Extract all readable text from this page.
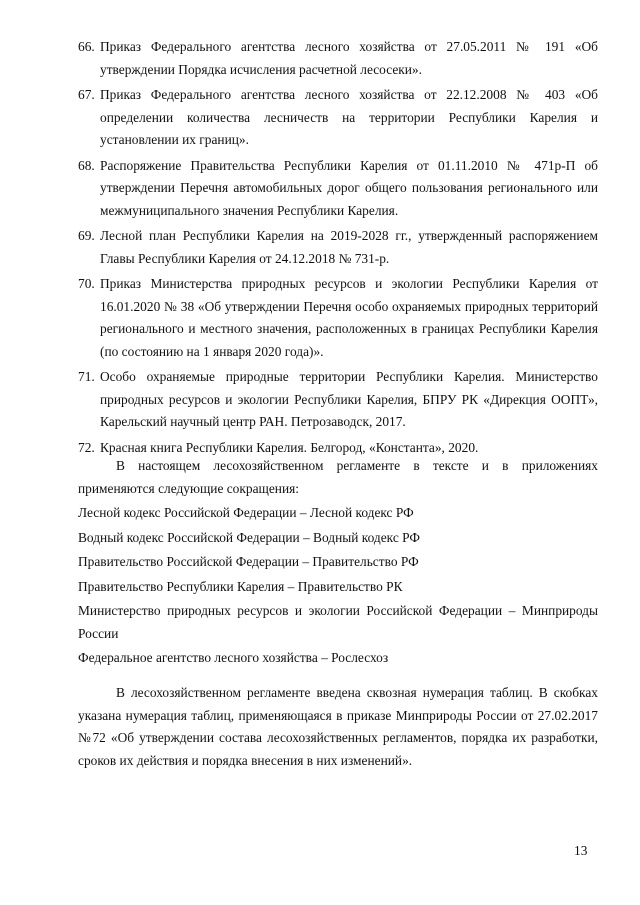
66. Приказ Федерального агентства лесного хозяйства от 27.05.2011 № 191 «Об утверждении Порядка исчисления расчетной лесосеки».
67. Приказ Федерального агентства лесного хозяйства от 22.12.2008 № 403 «Об определении количества лесничеств на территории Республики Карелия и установлении их границ».
68. Распоряжение Правительства Республики Карелия от 01.11.2010 № 471р-П об утверждении Перечня автомобильных дорог общего пользования регионального или межмуниципального значения Республики Карелия.
69. Лесной план Республики Карелия на 2019-2028 гг., утвержденный распоряжением Главы Республики Карелия от 24.12.2018 № 731-р.
70. Приказ Министерства природных ресурсов и экологии Республики Карелия от 16.01.2020 № 38 «Об утверждении Перечня особо охраняемых природных территорий регионального и местного значения, расположенных в границах Республики Карелия (по состоянию на 1 января 2020 года)».
71. Особо охраняемые природные территории Республики Карелия. Министерство природных ресурсов и экологии Республики Карелия, БПРУ РК «Дирекция ООПТ», Карельский научный центр РАН. Петрозаводск, 2017.
72. Красная книга Республики Карелия. Белгород, «Константа», 2020.

В настоящем лесохозяйственном регламенте в тексте и в приложениях применяются следующие сокращения:

Лесной кодекс Российской Федерации – Лесной кодекс РФ

Водный кодекс Российской Федерации – Водный кодекс РФ

Правительство Российской Федерации – Правительство РФ

Правительство Республики Карелия – Правительство РК

Министерство природных ресурсов и экологии Российской Федерации – Минприроды России

Федеральное агентство лесного хозяйства – Рослесхоз

В лесохозяйственном регламенте введена сквозная нумерация таблиц. В скобках указана нумерация таблиц, применяющаяся в приказе Минприроды России от 27.02.2017 №72 «Об утверждении состава лесохозяйственных регламентов, порядка их разработки, сроков их действия и порядка внесения в них изменений».

13
